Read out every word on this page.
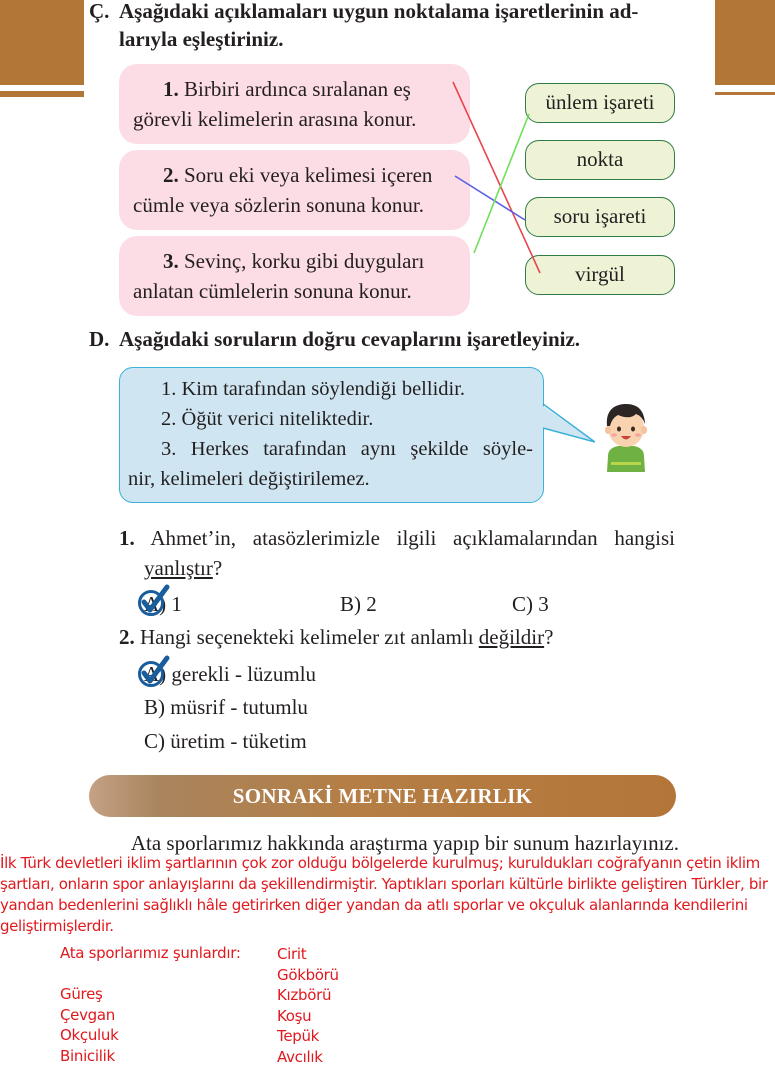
Ç. Aşağıdaki açıklamaları uygun noktalama işaretlerinin ad-
larıyla eşleştiriniz.
1. Birbiri ardınca sıralanan eş
görevli kelimelerin arasına konur.
2. Soru eki veya kelimesi içeren
cümle veya sözlerin sonuna konur.
3. Sevinç, korku gibi duyguları
anlatan cümlelerin sonuna konur.
ünlem işareti
nokta
soru işareti
virgül
D. Aşağıdaki soruların doğru cevaplarını işaretleyiniz.

1. Kim tarafından söylendiği bellidir.

2. Öğüt verici niteliktedir.

3. Herkes tarafından aynı şekilde söyle-

nir, kelimeleri değiştirilemez.

1. Ahmet’in, atasözlerimizle ilgili açıklamalarından hangisi
yanlıştır?
A) 1	B) 2	C) 3
2. Hangi seçenekteki kelimeler zıt anlamlı değildir?
A) gerekli - lüzumlu
B) müsrif - tutumlu
C) üretim - tüketim
SONRAKİ METNE HAZIRLIK
Ata sporlarımız hakkında araştırma yapıp bir sunum hazırlayınız.

İlk Türk devletleri iklim şartlarının çok zor olduğu bölgelerde kurulmuş; kuruldukları coğrafyanın çetin iklim

şartları, onların spor anlayışlarını da şekillendirmiştir. Yaptıkları sporları kültürle birlikte geliştiren Türkler, bir

yandan bedenlerini sağlıklı hâle getirirken diğer yandan da atlı sporlar ve okçuluk alanlarında kendilerini

geliştirmişlerdir.

Ata sporlarımız şunlardır:
Güreş
Çevgan
Okçuluk
Binicilik
Cirit
Gökbörü
Kızbörü
Koşu
Tepük
Avcılık
